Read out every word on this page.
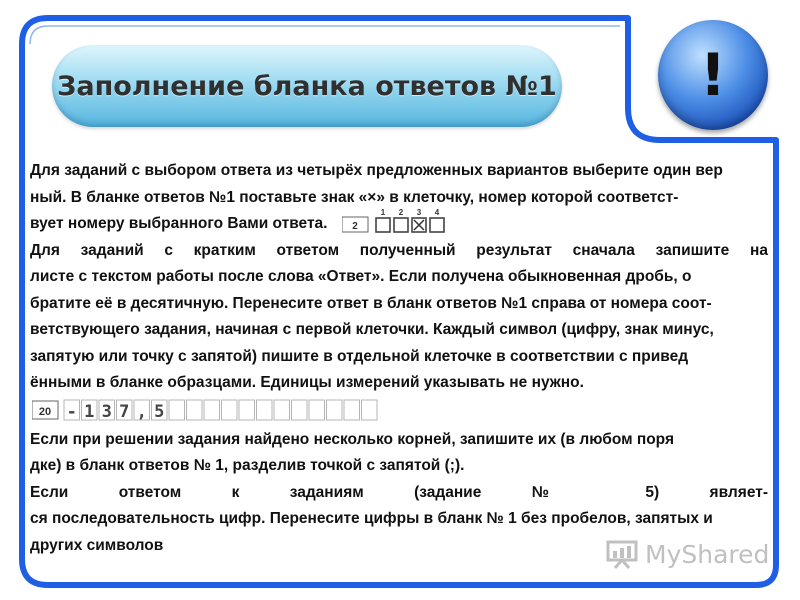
Заполнение бланка ответов №1 !
Для заданий с выбором ответа из четырёх предложенных вариантов выберите один вер
ный. В бланке ответов №1 поставьте знак «×» в клеточку, номер которой соответст-
вует номеру выбранного Вами ответа. 2
1 2 3 4
Для заданий с кратким ответом полученный результат сначала запишите на
листе с текстом работы после слова «Ответ». Если получена обыкновенная дробь, о
братите её в десятичную. Перенесите ответ в бланк ответов №1 справа от номера соот-
ветствующего задания, начиная с первой клеточки. Каждый символ (цифру, знак минус,
запятую или точку с запятой) пишите в отдельной клеточке в соответствии с привед
ёнными в бланке образцами. Единицы измерений указывать не нужно.
20 - 1 3 7 , 5
Если при решении задания найдено несколько корней, запишите их (в любом поря
дке) в бланк ответов № 1, разделив точкой с запятой (;).
Если ответом к заданиям (задание № 5) являет-
ся последовательность цифр. Перенесите цифры в бланк № 1 без пробелов, запятых и
других символов	MyShared
